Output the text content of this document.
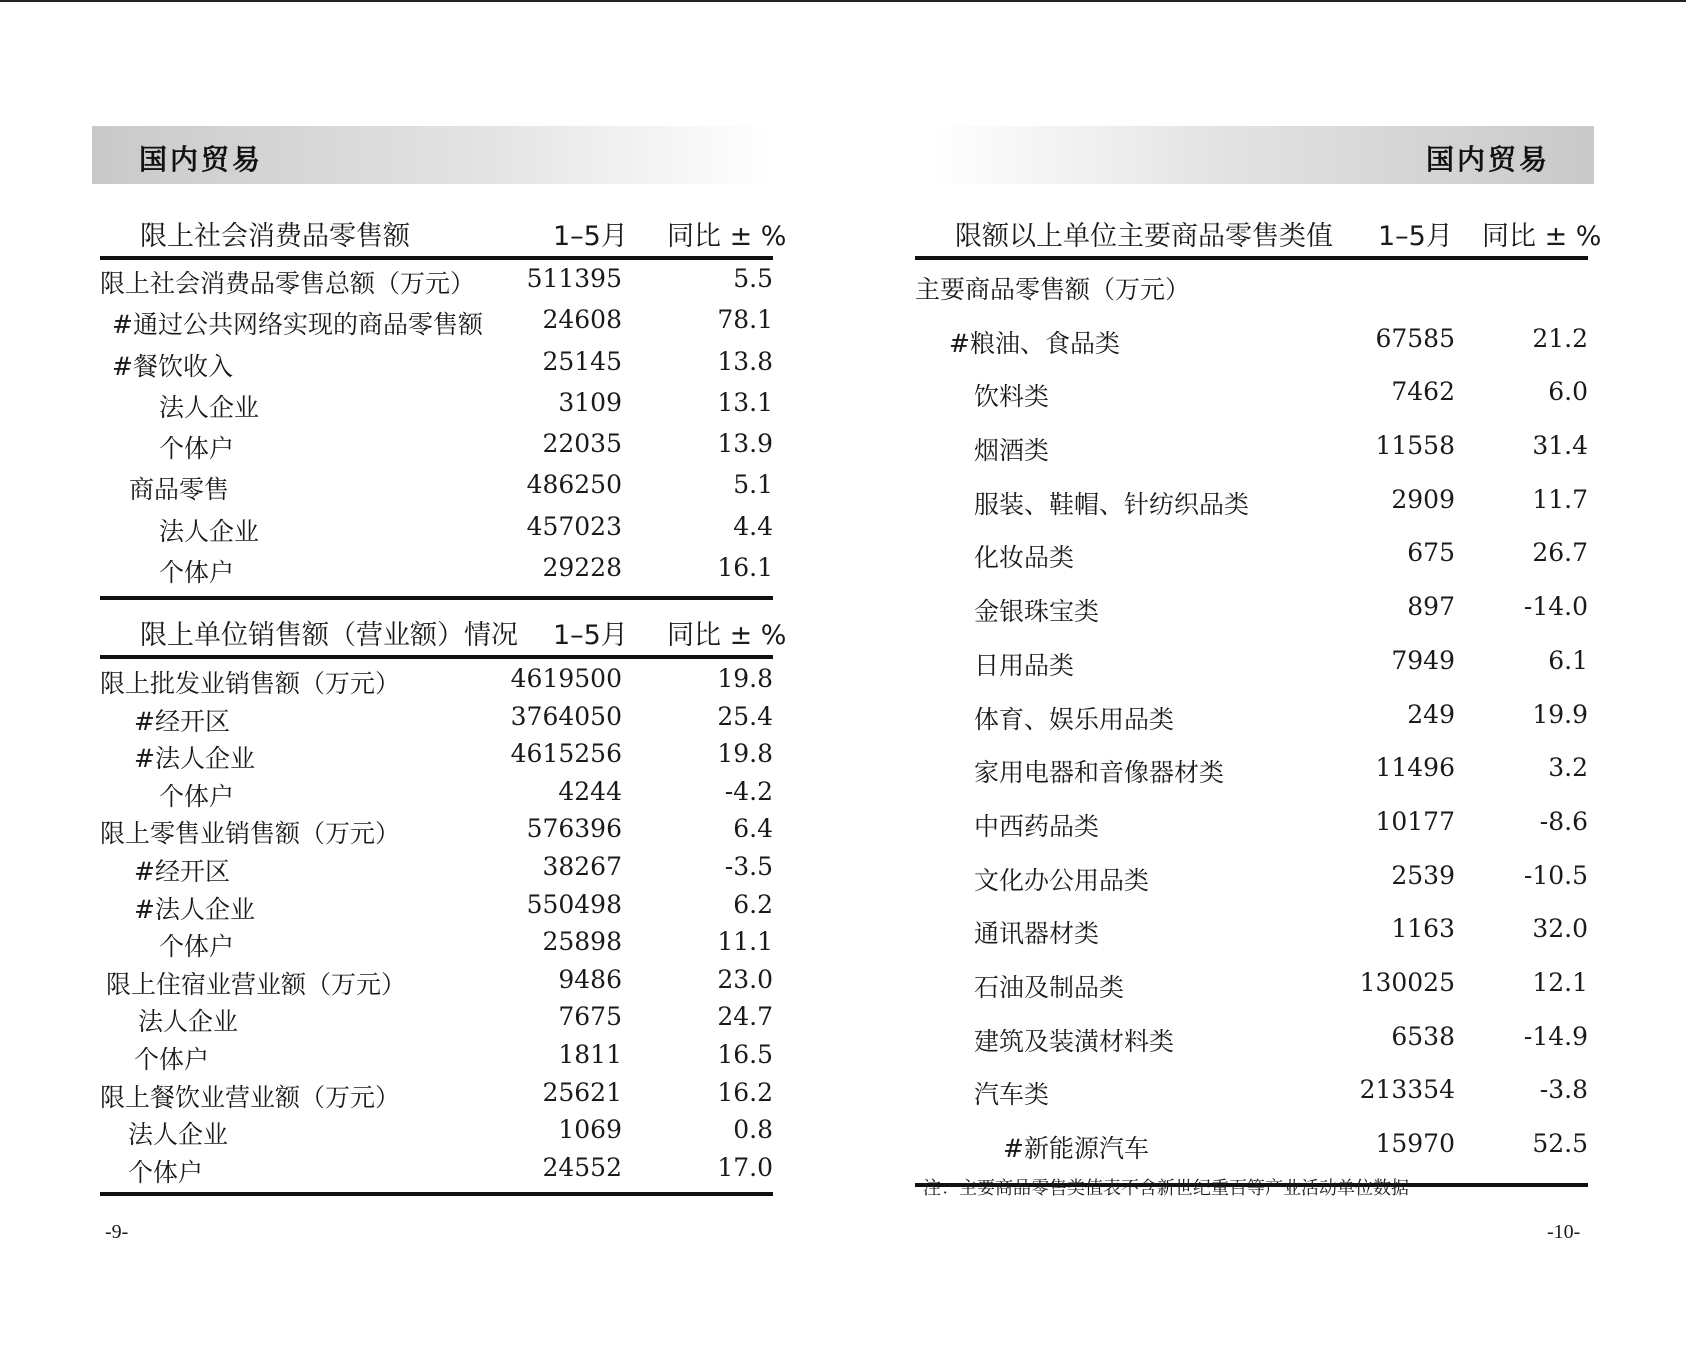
国内贸易
-9-
国内贸易
限上社会消费品零售额	1–5月 同比 ± %
限上社会消费品零售总额（万元） 511395	5.5
#通过公共网络实现的商品零售额 24608	78.1
#餐饮收入	25145	13.8
法人企业	3109	13.1
个体户	22035	13.9
商品零售	486250	5.1
法人企业	457023	4.4
个体户	29228	16.1
限上单位销售额（营业额）情况 1–5月 同比 ± %
限上批发业销售额（万元）	4619500	19.8
#经开区	3764050	25.4
#法人企业	4615256	19.8
个体户	4244	-4.2
限上零售业销售额（万元）	576396	6.4
#经开区	38267	-3.5
#法人企业	550498	6.2
个体户	25898	11.1
限上住宿业营业额（万元）	9486	23.0
法人企业	7675	24.7
个体户	1811	16.5
限上餐饮业营业额（万元）	25621	16.2
法人企业	1069	0.8
个体户	24552	17.0
限额以上单位主要商品零售类值 1–5月 同比 ± %
主要商品零售额（万元）
#粮油、食品类	67585	21.2
饮料类	7462	6.0
烟酒类	11558	31.4
服装、鞋帽、针纺织品类	2909	11.7
化妆品类	675	26.7
金银珠宝类	897	-14.0
日用品类	7949	6.1
体育、娱乐用品类	249	19.9
家用电器和音像器材类	11496	3.2
中西药品类	10177	-8.6
文化办公用品类	2539	-10.5
通讯器材类	1163	32.0
石油及制品类	130025	12.1
建筑及装潢材料类	6538	-14.9
汽车类	213354	-3.8
#新能源汽车	15970	52.5
注：主要商品零售类值表不含新世纪重百等产业活动单位数据
-10-
